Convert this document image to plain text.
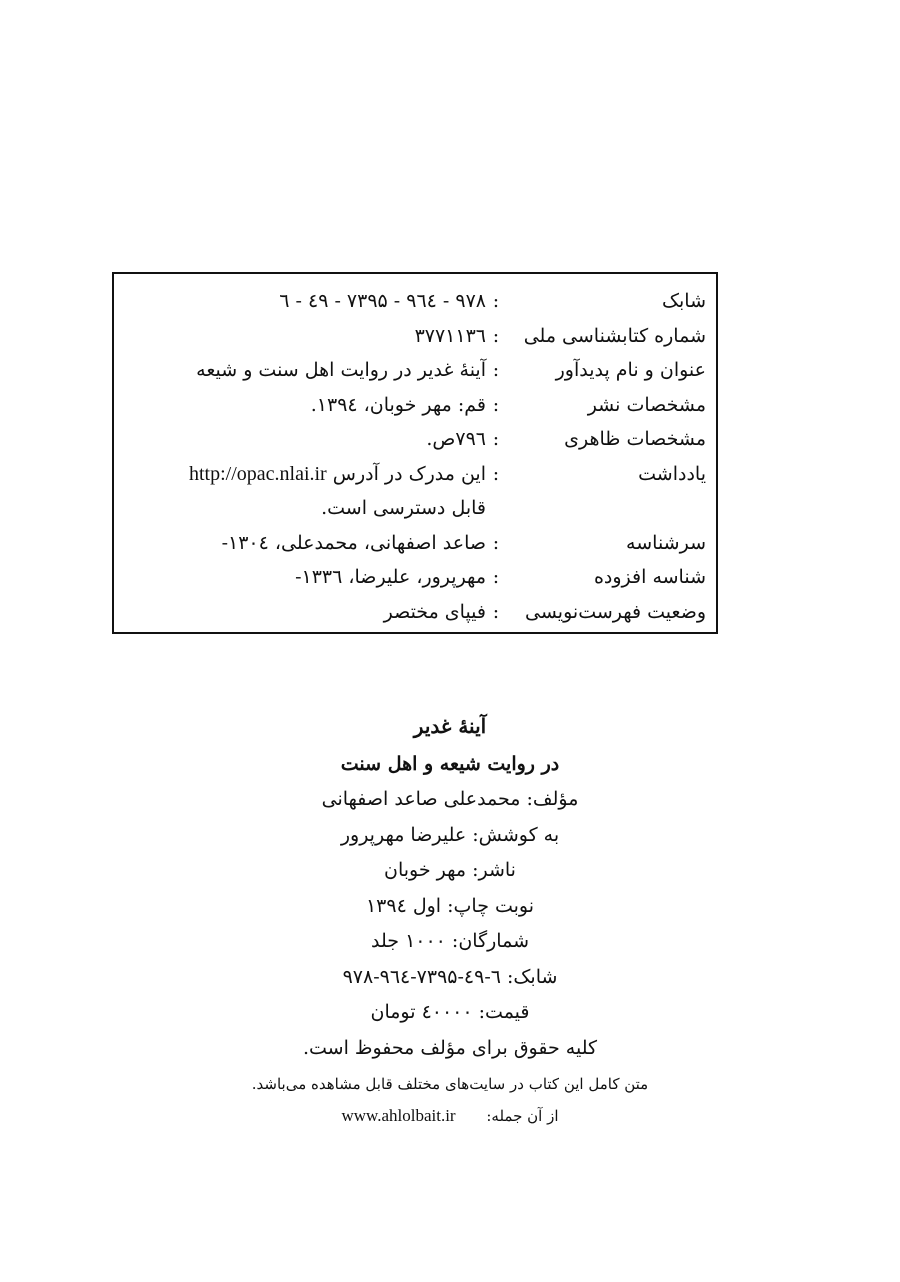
شابک
:
۹۷۸ - ۹٦٤ - ۷۳۹۵ - ٤۹ - ٦
شماره کتابشناسی ملی
:
۳۷۷۱۱۳٦
عنوان و نام پدیدآور
:
آینۀ غدیر در روایت اهل سنت و شیعه
مشخصات نشر
:
قم: مهر خوبان، ۱۳۹٤.
مشخصات ظاهری
:
۷۹٦ص.
یادداشت
:
این مدرک در آدرس http://opac.nlai.ir
قابل دسترسی است.
سرشناسه
:
صاعد اصفهانی، محمدعلی، ۱۳۰٤-
شناسه افزوده
:
مهرپرور، علیرضا، ۱۳۳٦-
وضعیت فهرست‌نویسی
:
فیپای مختصر
آینۀ غدیر
در روایت شیعه و اهل سنت
مؤلف: محمدعلی صاعد اصفهانی
به کوشش: علیرضا مهرپرور
ناشر: مهر خوبان
نوبت چاپ: اول ۱۳۹٤
شمارگان: ۱۰۰۰ جلد
شابک: ٦-٤۹-۷۳۹۵-۹٦٤-۹۷۸
قیمت: ٤۰۰۰۰ تومان
کلیه حقوق برای مؤلف محفوظ است.
متن کامل این کتاب در سایت‌های مختلف قابل مشاهده می‌باشد.
از آن جمله: www.ahlolbait.ir
